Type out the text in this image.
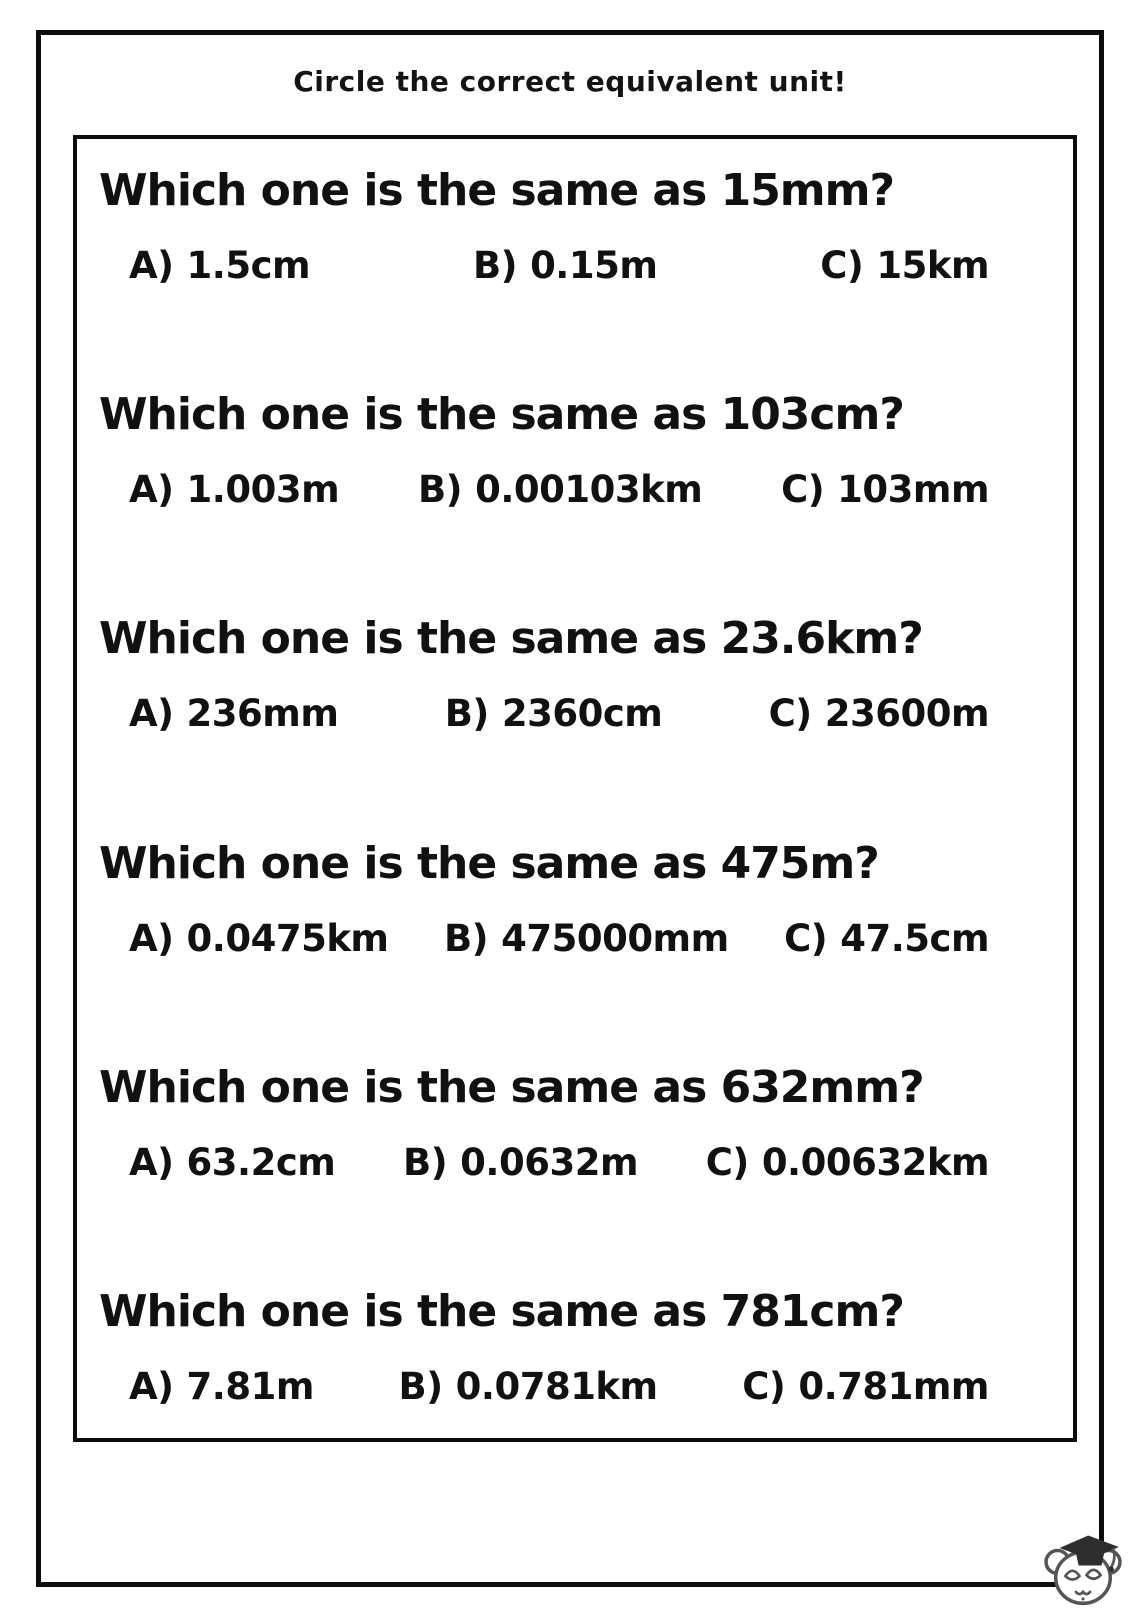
Circle the correct equivalent unit!
Which one is the same as 15mm?
A) 1.5cm	B) 0.15m	C) 15km
Which one is the same as 103cm?
A) 1.003m B) 0.00103km C) 103mm
Which one is the same as 23.6km?
A) 236mm	B) 2360cm	C) 23600m
Which one is the same as 475m?
A) 0.0475km B) 475000mm C) 47.5cm
Which one is the same as 632mm?
A) 63.2cm B) 0.0632m C) 0.00632km
Which one is the same as 781cm?
A) 7.81m B) 0.0781km C) 0.781mm
